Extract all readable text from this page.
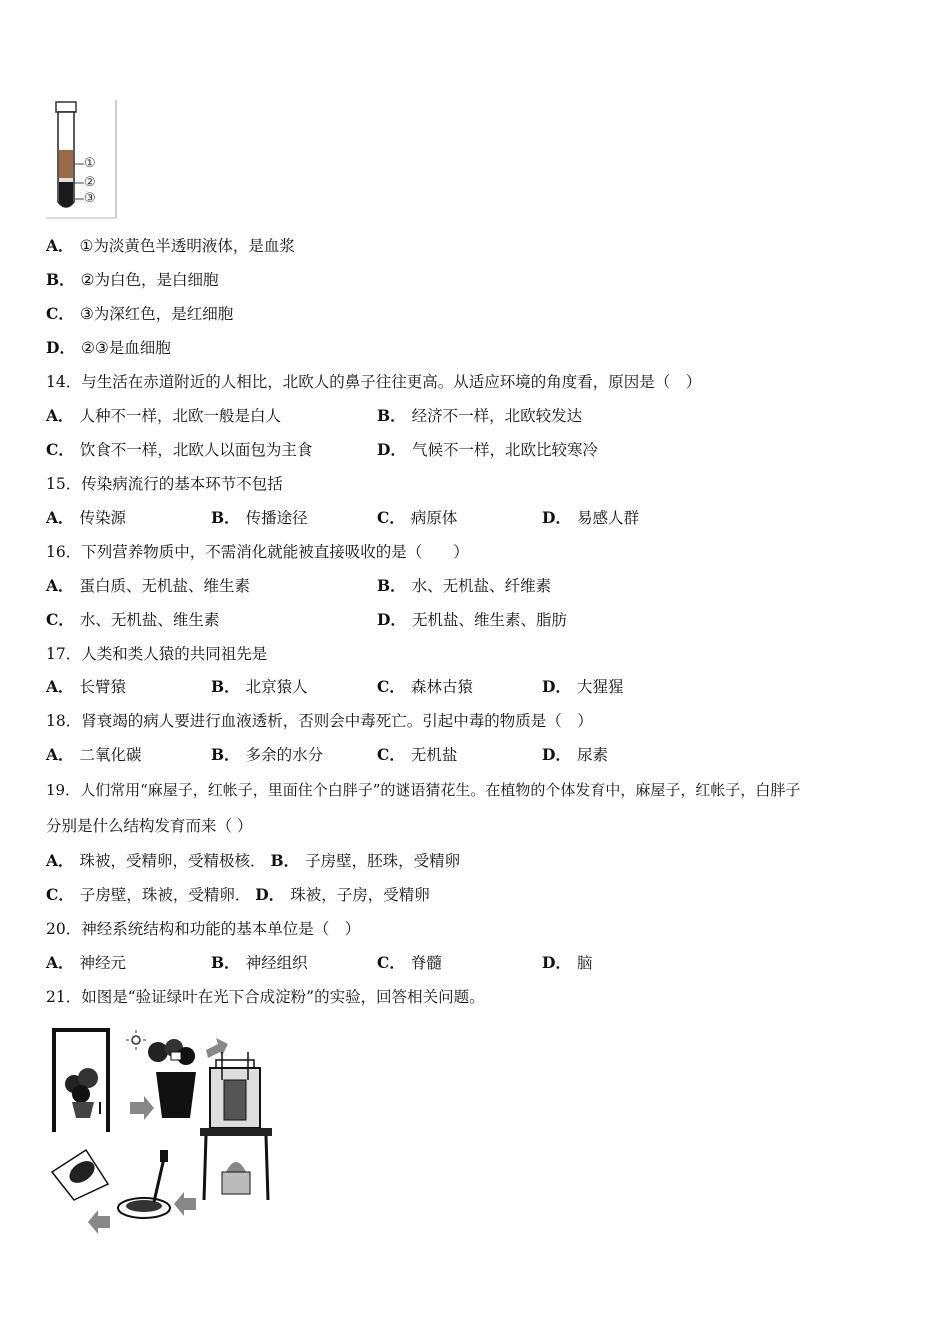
①
②
③
A． ①为淡黄色半透明液体，是血浆
B． ②为白色，是白细胞
C． ③为深红色，是红细胞
D． ②③是血细胞
14．与生活在赤道附近的人相比，北欧人的鼻子往往更高。从适应环境的角度看，原因是（　）
A． 人种不一样，北欧一般是白人	B． 经济不一样，北欧较发达
C． 饮食不一样，北欧人以面包为主食	D． 气候不一样，北欧比较寒冷
15．传染病流行的基本环节不包括
A． 传染源	B． 传播途径	C． 病原体	D． 易感人群
16．下列营养物质中，不需消化就能被直接吸收的是（　　）
A． 蛋白质、无机盐、维生素	B． 水、无机盐、纤维素
C． 水、无机盐、维生素	D． 无机盐、维生素、脂肪
17．人类和类人猿的共同祖先是
A． 长臂猿	B． 北京猿人	C． 森林古猿	D． 大猩猩
18．肾衰竭的病人要进行血液透析，否则会中毒死亡。引起中毒的物质是（　）
A． 二氧化碳	B． 多余的水分	C． 无机盐	D． 尿素
19．人们常用“麻屋子，红帐子，里面住个白胖子”的谜语猜花生。在植物的个体发育中，麻屋子，红帐子，白胖子
分别是什么结构发育而来（ ）
A． 珠被，受精卵，受精极核． B． 子房壁，胚珠，受精卵
C． 子房壁，珠被，受精卵． D． 珠被，子房，受精卵
20．神经系统结构和功能的基本单位是（　）
A． 神经元	B． 神经组织	C． 脊髓	D． 脑
21．如图是“验证绿叶在光下合成淀粉”的实验，回答相关问题。
